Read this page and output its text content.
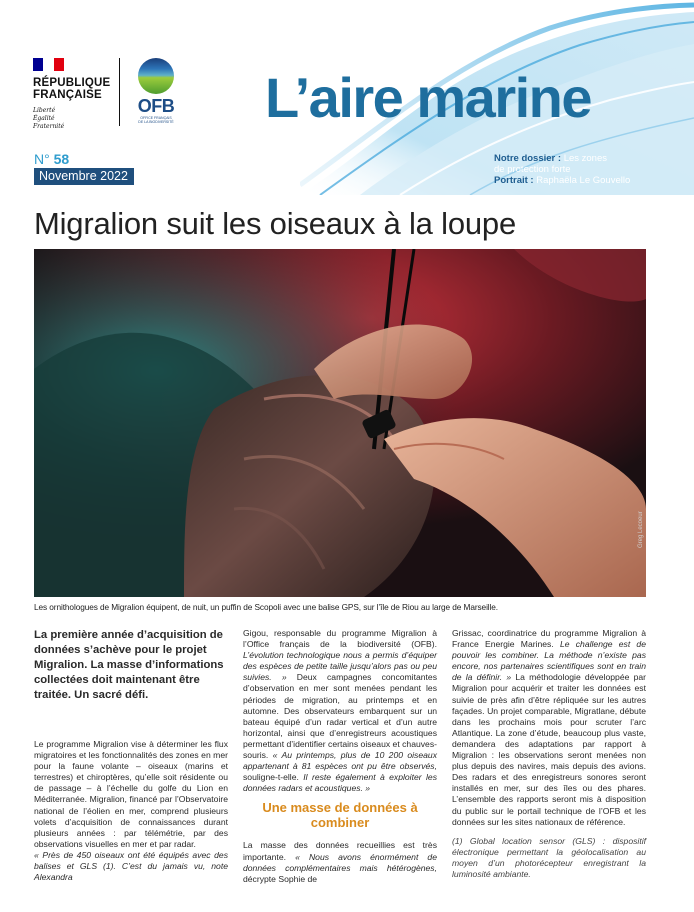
RÉPUBLIQUE
FRANÇAISE
Liberté
Égalité
Fraternité
OFB
OFFICE FRANÇAIS
DE LA BIODIVERSITÉ L’aire marine
N° 58
Novembre 2022
Notre dossier : Les zones
de protection forte
Portrait : Raphaëla Le Gouvello
Migralion suit les oiseaux à la loupe
Greg Lecoeur
Les ornithologues de Migralion équipent, de nuit, un puffin de Scopoli avec une balise GPS, sur l’île de Riou au large de Marseille.

La première année d’acquisition de données s’achève pour le projet Migralion. La masse d’informations collectées doit maintenant être traitée. Un sacré défi.

Le programme Migralion vise à déterminer les flux migratoires et les fonctionnalités des zones en mer pour la faune volante – oiseaux (marins et terrestres) et chiroptères, qu’elle soit résidente ou de passage – à l’échelle du golfe du Lion en Méditerranée. Migralion, financé par l’Observatoire national de l’éolien en mer, comprend plusieurs volets d’acquisition de connaissances durant plusieurs années : par télémétrie, par des observations visuelles en mer et par radar.

« Près de 450 oiseaux ont été équipés avec des balises et GLS (1). C’est du jamais vu, note Alexandra

Gigou, responsable du programme Migralion à l’Office français de la biodiversité (OFB). L’évolution technologique nous a permis d’équiper des espèces de petite taille jusqu’alors pas ou peu suivies. » Deux campagnes concomitantes d’observation en mer sont menées pendant les périodes de migration, au printemps et en automne. Des observateurs embarquent sur un bateau équipé d’un radar vertical et d’un autre horizontal, ainsi que d’enregistreurs acoustiques permettant d’identifier certains oiseaux et chauves-souris. « Au printemps, plus de 10 200 oiseaux appartenant à 81 espèces ont pu être observés, souligne-t-elle. Il reste également à exploiter les données radars et acoustiques. »

Une masse de données à combiner

La masse des données recueillies est très importante. « Nous avons énormément de données complémentaires mais hétérogènes, décrypte Sophie de

Grissac, coordinatrice du programme Migralion à France Energie Marines. Le challenge est de pouvoir les combiner. La méthode n’existe pas encore, nos partenaires scientifiques sont en train de la définir. » La méthodologie développée par Migralion pour acquérir et traiter les données est suivie de près afin d’être répliquée sur les autres façades. Un projet comparable, Migratlane, débute dans les prochains mois pour scruter l’arc Atlantique. La zone d’étude, beaucoup plus vaste, demandera des adaptations par rapport à Migralion : les observations seront menées non plus depuis des navires, mais depuis des avions. Des radars et des enregistreurs sonores seront installés en mer, sur des îles ou des phares. L’ensemble des rapports seront mis à disposition du public sur le portail technique de l’OFB et les données sur les sites nationaux de référence.

(1) Global location sensor (GLS) : dispositif électronique permettant la géolocalisation au moyen d’un photorécepteur enregistrant la luminosité ambiante.
